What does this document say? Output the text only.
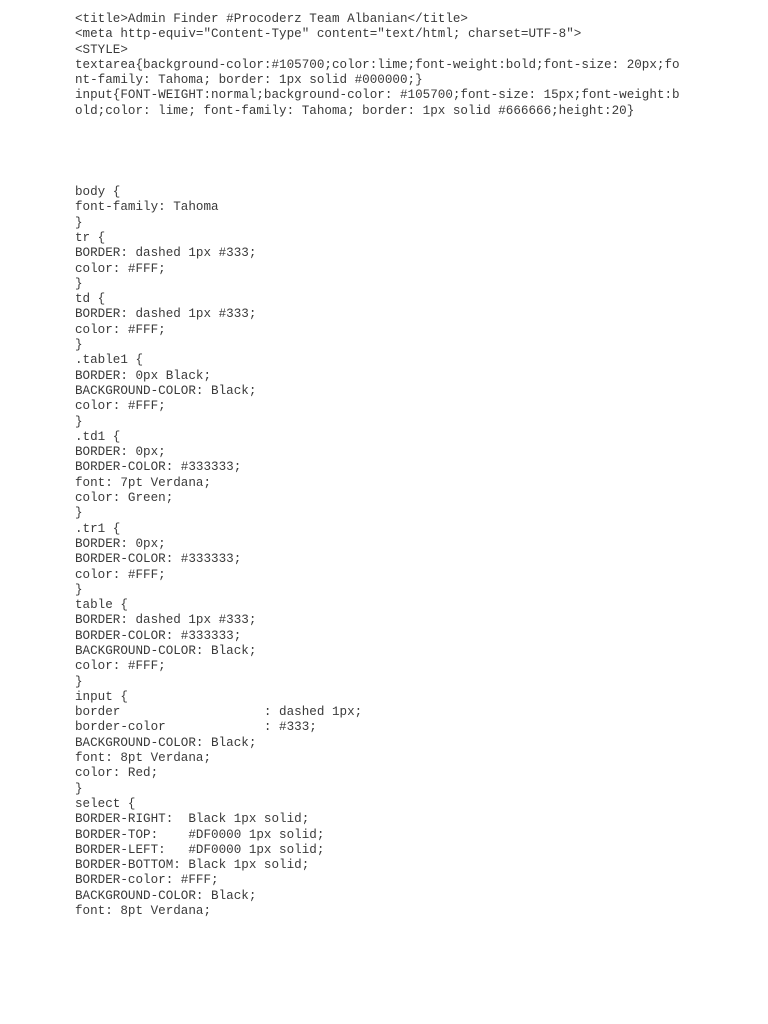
<title>Admin Finder #Procoderz Team Albanian</title>
<meta http-equiv="Content-Type" content="text/html; charset=UTF-8">
<STYLE>
textarea{background-color:#105700;color:lime;font-weight:bold;font-size: 20px;fo
nt-family: Tahoma; border: 1px solid #000000;}
input{FONT-WEIGHT:normal;background-color: #105700;font-size: 15px;font-weight:b
old;color: lime; font-family: Tahoma; border: 1px solid #666666;height:20}
body {
font-family: Tahoma
}
tr {
BORDER: dashed 1px #333;
color: #FFF;
}
td {
BORDER: dashed 1px #333;
color: #FFF;
}
.table1 {
BORDER: 0px Black;
BACKGROUND-COLOR: Black;
color: #FFF;
}
.td1 {
BORDER: 0px;
BORDER-COLOR: #333333;
font: 7pt Verdana;
color: Green;
}
.tr1 {
BORDER: 0px;
BORDER-COLOR: #333333;
color: #FFF;
}
table {
BORDER: dashed 1px #333;
BORDER-COLOR: #333333;
BACKGROUND-COLOR: Black;
color: #FFF;
}
input {
border                   : dashed 1px;
border-color             : #333;
BACKGROUND-COLOR: Black;
font: 8pt Verdana;
color: Red;
}
select {
BORDER-RIGHT:  Black 1px solid;
BORDER-TOP:    #DF0000 1px solid;
BORDER-LEFT:   #DF0000 1px solid;
BORDER-BOTTOM: Black 1px solid;
BORDER-color: #FFF;
BACKGROUND-COLOR: Black;
font: 8pt Verdana;
